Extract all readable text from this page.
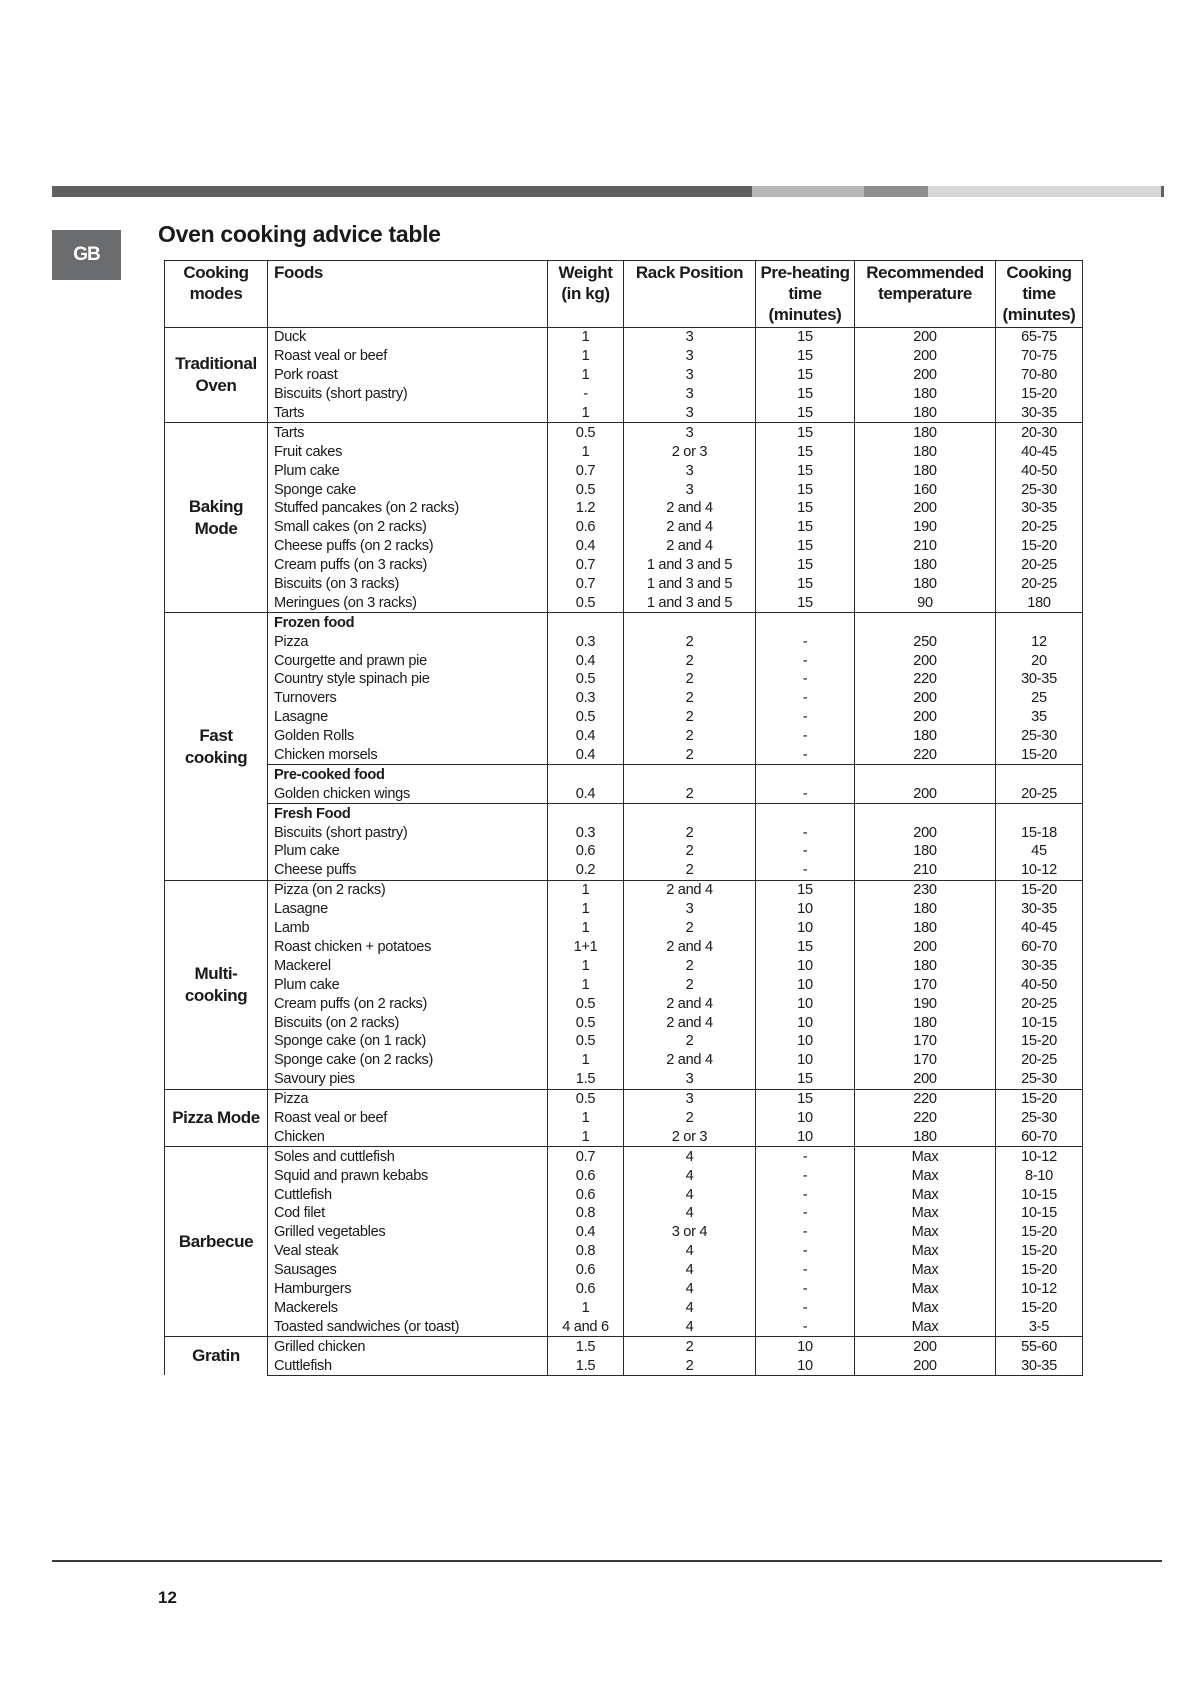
GB
Oven cooking advice table
Cooking modes	Foods	Weight (in kg)	Rack Position	Pre-heating time (minutes)	Recommended temperature	Cooking time (minutes)
Traditional Oven	Duck	1	3	15	200	65-75
	Roast veal or beef	1	3	15	200	70-75
	Pork roast	1	3	15	200	70-80
	Biscuits (short pastry)	-	3	15	180	15-20
	Tarts	1	3	15	180	30-35
Baking Mode	Tarts	0.5	3	15	180	20-30
	Fruit cakes	1	2 or 3	15	180	40-45
	Plum cake	0.7	3	15	180	40-50
	Sponge cake	0.5	3	15	160	25-30
	Stuffed pancakes (on 2 racks)	1.2	2 and 4	15	200	30-35
	Small cakes (on 2 racks)	0.6	2 and 4	15	190	20-25
	Cheese puffs (on 2 racks)	0.4	2 and 4	15	210	15-20
	Cream puffs (on 3 racks)	0.7	1 and 3 and 5	15	180	20-25
	Biscuits (on 3 racks)	0.7	1 and 3 and 5	15	180	20-25
	Meringues (on 3 racks)	0.5	1 and 3 and 5	15	90	180
Fast cooking	Frozen food					
	Pizza	0.3	2	-	250	12
	Courgette and prawn pie	0.4	2	-	200	20
	Country style spinach pie	0.5	2	-	220	30-35
	Turnovers	0.3	2	-	200	25
	Lasagne	0.5	2	-	200	35
	Golden Rolls	0.4	2	-	180	25-30
	Chicken morsels	0.4	2	-	220	15-20
	Pre-cooked food					
	Golden chicken wings	0.4	2	-	200	20-25
	Fresh Food					
	Biscuits (short pastry)	0.3	2	-	200	15-18
	Plum cake	0.6	2	-	180	45
	Cheese puffs	0.2	2	-	210	10-12
Multi-cooking	Pizza (on 2 racks)	1	2 and 4	15	230	15-20
	Lasagne	1	3	10	180	30-35
	Lamb	1	2	10	180	40-45
	Roast chicken + potatoes	1+1	2 and 4	15	200	60-70
	Mackerel	1	2	10	180	30-35
	Plum cake	1	2	10	170	40-50
	Cream puffs (on 2 racks)	0.5	2 and 4	10	190	20-25
	Biscuits (on 2 racks)	0.5	2 and 4	10	180	10-15
	Sponge cake (on 1 rack)	0.5	2	10	170	15-20
	Sponge cake (on 2 racks)	1	2 and 4	10	170	20-25
	Savoury pies	1.5	3	15	200	25-30
Pizza Mode	Pizza	0.5	3	15	220	15-20
	Roast veal or beef	1	2	10	220	25-30
	Chicken	1	2 or 3	10	180	60-70
Barbecue	Soles and cuttlefish	0.7	4	-	Max	10-12
	Squid and prawn kebabs	0.6	4	-	Max	8-10
	Cuttlefish	0.6	4	-	Max	10-15
	Cod filet	0.8	4	-	Max	10-15
	Grilled vegetables	0.4	3 or 4	-	Max	15-20
	Veal steak	0.8	4	-	Max	15-20
	Sausages	0.6	4	-	Max	15-20
	Hamburgers	0.6	4	-	Max	10-12
	Mackerels	1	4	-	Max	15-20
	Toasted sandwiches (or toast)	4 and 6	4	-	Max	3-5
Gratin	Grilled chicken	1.5	2	10	200	55-60
	Cuttlefish	1.5	2	10	200	30-35
12
